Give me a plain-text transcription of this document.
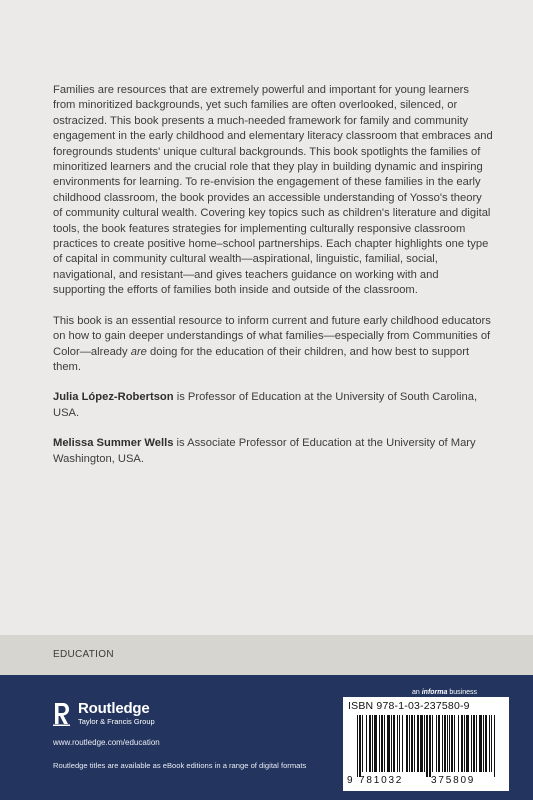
Families are resources that are extremely powerful and important for young learners from minoritized backgrounds, yet such families are often overlooked, silenced, or ostracized. This book presents a much-needed framework for family and community engagement in the early childhood and elementary literacy classroom that embraces and foregrounds students' unique cultural backgrounds. This book spotlights the families of minoritized learners and the crucial role that they play in building dynamic and inspiring environments for learning. To re-envision the engagement of these families in the early childhood classroom, the book provides an accessible understanding of Yosso's theory of community cultural wealth. Covering key topics such as children's literature and digital tools, the book features strategies for implementing culturally responsive classroom practices to create positive home–school partnerships. Each chapter highlights one type of capital in community cultural wealth—aspirational, linguistic, familial, social, navigational, and resistant—and gives teachers guidance on working with and supporting the efforts of families both inside and outside of the classroom.

This book is an essential resource to inform current and future early childhood educators on how to gain deeper understandings of what families—especially from Communities of Color—already are doing for the education of their children, and how best to support them.

Julia López-Robertson is Professor of Education at the University of South Carolina, USA.

Melissa Summer Wells is Associate Professor of Education at the University of Mary Washington, USA.

EDUCATION
Routledge
Taylor & Francis Group
www.routledge.com/education
Routledge titles are available as eBook editions in a range of digital formats
an informa business
ISBN 978-1-03-237580-9
9 781032	375809
